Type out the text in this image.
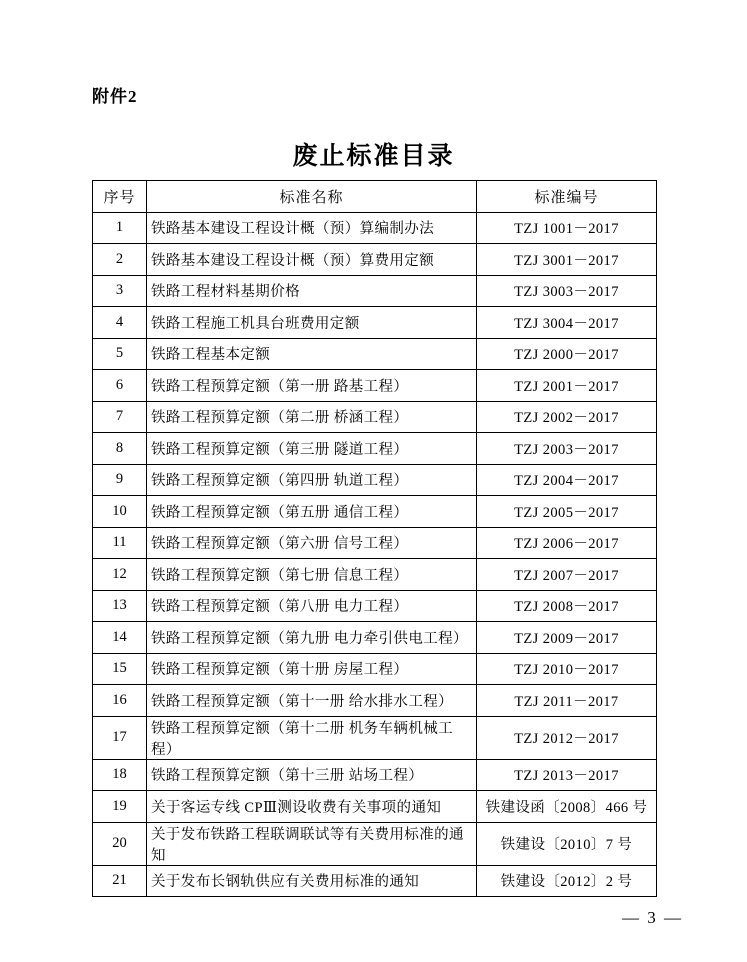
附件2
废止标准目录
序号	标准名称	标准编号
1	铁路基本建设工程设计概（预）算编制办法	TZJ 1001－2017
2	铁路基本建设工程设计概（预）算费用定额	TZJ 3001－2017
3	铁路工程材料基期价格	TZJ 3003－2017
4	铁路工程施工机具台班费用定额	TZJ 3004－2017
5	铁路工程基本定额	TZJ 2000－2017
6	铁路工程预算定额（第一册 路基工程）	TZJ 2001－2017
7	铁路工程预算定额（第二册 桥涵工程）	TZJ 2002－2017
8	铁路工程预算定额（第三册 隧道工程）	TZJ 2003－2017
9	铁路工程预算定额（第四册 轨道工程）	TZJ 2004－2017
10	铁路工程预算定额（第五册 通信工程）	TZJ 2005－2017
11	铁路工程预算定额（第六册 信号工程）	TZJ 2006－2017
12	铁路工程预算定额（第七册 信息工程）	TZJ 2007－2017
13	铁路工程预算定额（第八册 电力工程）	TZJ 2008－2017
14	铁路工程预算定额（第九册 电力牵引供电工程）	TZJ 2009－2017
15	铁路工程预算定额（第十册 房屋工程）	TZJ 2010－2017
16	铁路工程预算定额（第十一册 给水排水工程）	TZJ 2011－2017
17	铁路工程预算定额（第十二册 机务车辆机械工程）	TZJ 2012－2017
18	铁路工程预算定额（第十三册 站场工程）	TZJ 2013－2017
19	关于客运专线 CPⅢ测设收费有关事项的通知	铁建设函〔2008〕466 号
20	关于发布铁路工程联调联试等有关费用标准的通知	铁建设〔2010〕7 号
21	关于发布长钢轨供应有关费用标准的通知	铁建设〔2012〕2 号
— 3 —
